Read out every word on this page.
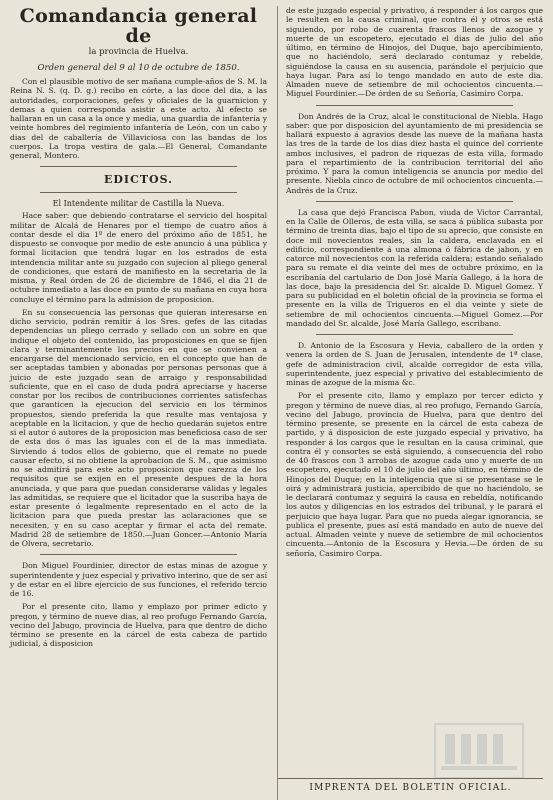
Comandancia general de
la provincia de Huelva.
Orden general del 9 al 10 de octubre de 1850.

Con el plausible motivo de ser mañana cumple-años de S. M. la Reina N. S. (q. D. g.) recibo en córte, a las doce del dia, a las autoridades, corporaciones, gefes y oficiales de la guarnicion y demas a quien corresponda asistir a este acto. Al efecto se hallaran en un casa a la once y media, una guardia de infantería y veinte hombres del regimiento infantería de León, con un cabo y dias del de caballería de Villaviciosa con las bandas de los cuerpos. La tropa vestira de gala.—El General, Comandante general, Montero.

EDICTOS.
El Intendente militar de Castilla la Nueva.

Hace saber: que debiendo contratarse el servicio del hospital militar de Alcalá de Henares por el tiempo de cuatro años á contar desde el dia 1º de enero del próximo año de 1851, he dispuesto se convoque por medio de este anuncio á una pública y formal licitacion que tendrá lugar en los estrados de esta intendencia militar ante su juzgado con sujecion al pliego general de condiciones, que estará de manifiesto en la secretaria de la misma, y Real órden de 26 de diciembre de 1846, el dia 21 de octubre inmediato a las doce en punto de su mañana en cuya hora concluye el término para la admision de proposicion.

En su consecuencia las personas que quieran interesarse en dicho servicio, podrán remitir á los Sres. gefes de las citadas dependencias un pliego cerrado y sellado con un sobre en que indique el objeto del contenido, las proposiciones en que se fijen clara y terminantemente los precios en que se convienen a encargarse del mencionado servicio, en el concepto que han de ser aceptadas tambien y abonadas por personas personas que á juicio de este juzgado sean de arraigo y responsabilidad suficiente, que en el caso de duda podrá apreciarse y hacerse constar por los recibos de contribuciones corrientes satisfechas que garanticen la ejecucion del servicio en los términos propuestos, siendo preferida la que resulte mas ventajosa y aceptable en la licitacion, y que de hecho quedarán sujetos entre si el autor ó autores de la proposicion mas beneficiosa caso de ser de esta dos ó mas las iguales con el de la mas inmediata. Sirviendo á todos ellos de gobierno, que el remate no puede causar efecto, si no obtiene la aprobacion de S. M., que asimismo no se admitirá para este acto proposicion que carezca de los requisitos que se exijen en el presente despues de la hora anunciada, y que para que puedan considerarse válidas y legales las admitidas, se requiere que el licitador que la suscriba haya de estar presente ó legalmente representado en el acto de la licitacion para que pueda prestar las aclaraciones que se necesiten, y en su caso aceptar y firmar el acta del remate. Madrid 28 de setiembre de 1850.—Juan Goncer.—Antonio María de Olvera, secretario.

Don Miguel Fourdinier, director de estas minas de azogue y superintendente y juez especial y privativo interino, que de ser así y de estar en el libre ejercicio de sus funciones, el referido tercio de 16.

Por el presente cito, llamo y emplazo por primer edicto y pregon, y término de nueve dias, al reo profugo Fernando García, vecino del Jabugo, provincia de Huelva, para que dentro de dicho término se presente en la cárcel de esta cabeza de partido judicial, á disposicion

de este juzgado especial y privativo, á responder á los cargos que le resulten en la causa criminal, que contra él y otros se está siguiendo, por robo de cuarenta frascos llenos de azogue y muerte de un escopetero, ejecutado el dias de julio del año último, en término de Hinojos, del Duque, bajo apercibimiento, que no haciéndolo, será declarado contumaz y rebelde, siguiéndose la causa en su ausencia, parándole el perjuicio que haya lugar. Para así lo tengo mandado en auto de este dia. Almaden nueve de setiembre de mil ochocientos cincuenta.—Miguel Fourdinier.—De órden de su Señoría, Casimiro Corpa.

Don Andrés de la Cruz, alcal le constitucional de Niebla. Hago saber: que por disposicion del ayuntamiento de mi presidencia se hallará expuesto á agravios desde las nueve de la mañana hasta las tres de la tarde de los dias diez hasta el quince del corriente ambos inclusives, el padron de riquezas de esta villa, formado para el repartimiento de la contribucion territorial del año próximo. Y para la comun inteligencia se anuncia por medio del presente. Niebla cinco de octubre de mil ochocientos cincuenta.—Andrés de la Cruz.

La casa que dejó Francisca Pabon, viuda de Victor Carrantal, en la Calle de Olleros, de esta villa, se saca á pública subasta por término de treinta dias, bajo el tipo de su aprecio, que consiste en doce mil novecientos reales, sin la caldera, enclavada en el edificio, correspondiente á una almona ó fábrica de jabon, y en catorce mil novecientos con la referida caldera; estando señalado para su remate el dia veinte del mes de octubre próximo, en la escribanía del cartulario de Don José María Gallego, á la hora de las doce, bajo la presidencia del Sr. alcalde D. Miguel Gomez. Y para su publicidad en el boletin oficial de la provincia se forma el presente en la villa de Trigueros en el dia veinte y siete de setiembre de mil ochocientos cincuenta.—Miguel Gomez.—Por mandado del Sr. alcalde, José María Gallego, escribano.

D. Antonio de la Escosura y Hevia, caballero de la orden y venera la orden de S. Juan de Jerusalen, intendente de 1ª clase, gefe de administracion civil, alcalde corregidor de esta villa, superintendente, juez especial y privativo del establecimiento de minas de azogue de la misma &c.

Por el presente cito, llamo y emplazo por tercer edicto y pregon y término de nueve dias, al reo profugo, Fernando García, vecino del Jabugo, provincia de Huelva, para que dentro del término presente, se presente en la cárcel de esta cabeza de partido, y á disposicion de este juzgado especial y privativo, ha responder á los cargos que le resultan en la causa criminal, que contra él y consortes se está siguiendo, á consecuencia del robo de 40 frascos con 3 arrobas de azogue cada uno y muerte de un escopetero, ejecutado el 10 de julio del año último, en término de Hinojos del Duque; en la inteligencia que si se presentase se le oirá y administrará justicia, apercibido de que no haciéndolo, se le declarará contumaz y seguirá la causa en rebeldía, notificando los autos y diligencias en los estrados del tribunal, y le parará el perjuicio que haya lugar. Para que no pueda alegar ignorancia, se publica el presente, pues así está mandado en auto de nueve del actual. Almaden veinte y nueve de setiembre de mil ochocientos cincuenta.—Antonio de la Escosura y Hevia.—De órden de su señoría, Casimiro Corpa.

IMPRENTA DEL BOLETIN OFICIAL.
